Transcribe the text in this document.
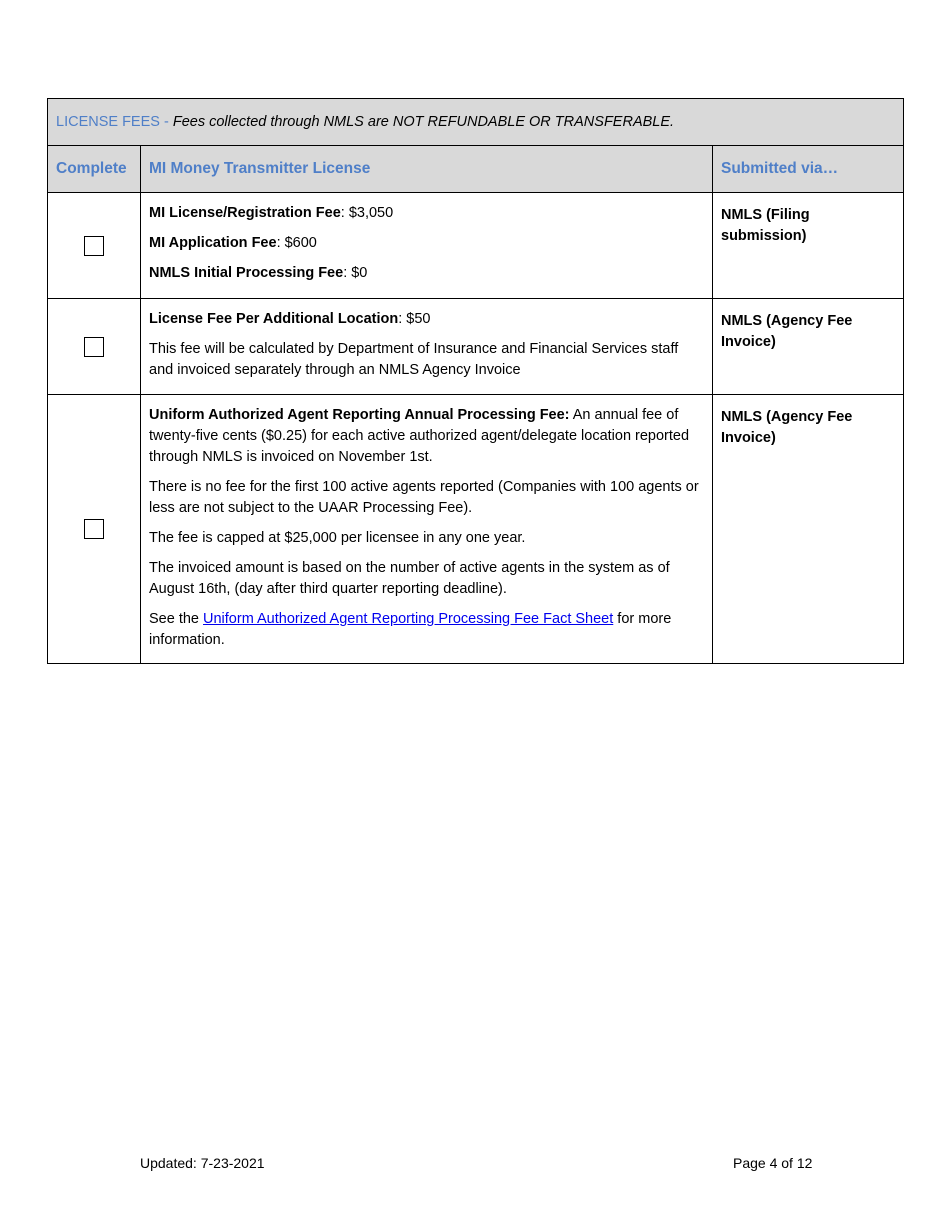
LICENSE FEES - Fees collected through NMLS are NOT REFUNDABLE OR TRANSFERABLE.		
Complete	MI Money Transmitter License	Submitted via…

	MI License/Registration Fee: $3,050

MI Application Fee: $600

NMLS Initial Processing Fee: $0	NMLS (Filing submission)

	License Fee Per Additional Location: $50

This fee will be calculated by Department of Insurance and Financial Services staff and invoiced separately through an NMLS Agency Invoice	NMLS (Agency Fee Invoice)

	Uniform Authorized Agent Reporting Annual Processing Fee: An annual fee of twenty-five cents ($0.25) for each active authorized agent/delegate location reported through NMLS is invoiced on November 1st.

There is no fee for the first 100 active agents reported (Companies with 100 agents or less are not subject to the UAAR Processing Fee).

The fee is capped at $25,000 per licensee in any one year.

The invoiced amount is based on the number of active agents in the system as of August 16th, (day after third quarter reporting deadline).

See the Uniform Authorized Agent Reporting Processing Fee Fact Sheet for more information.	NMLS (Agency Fee Invoice)
Updated: 7-23-2021	Page 4 of 12
